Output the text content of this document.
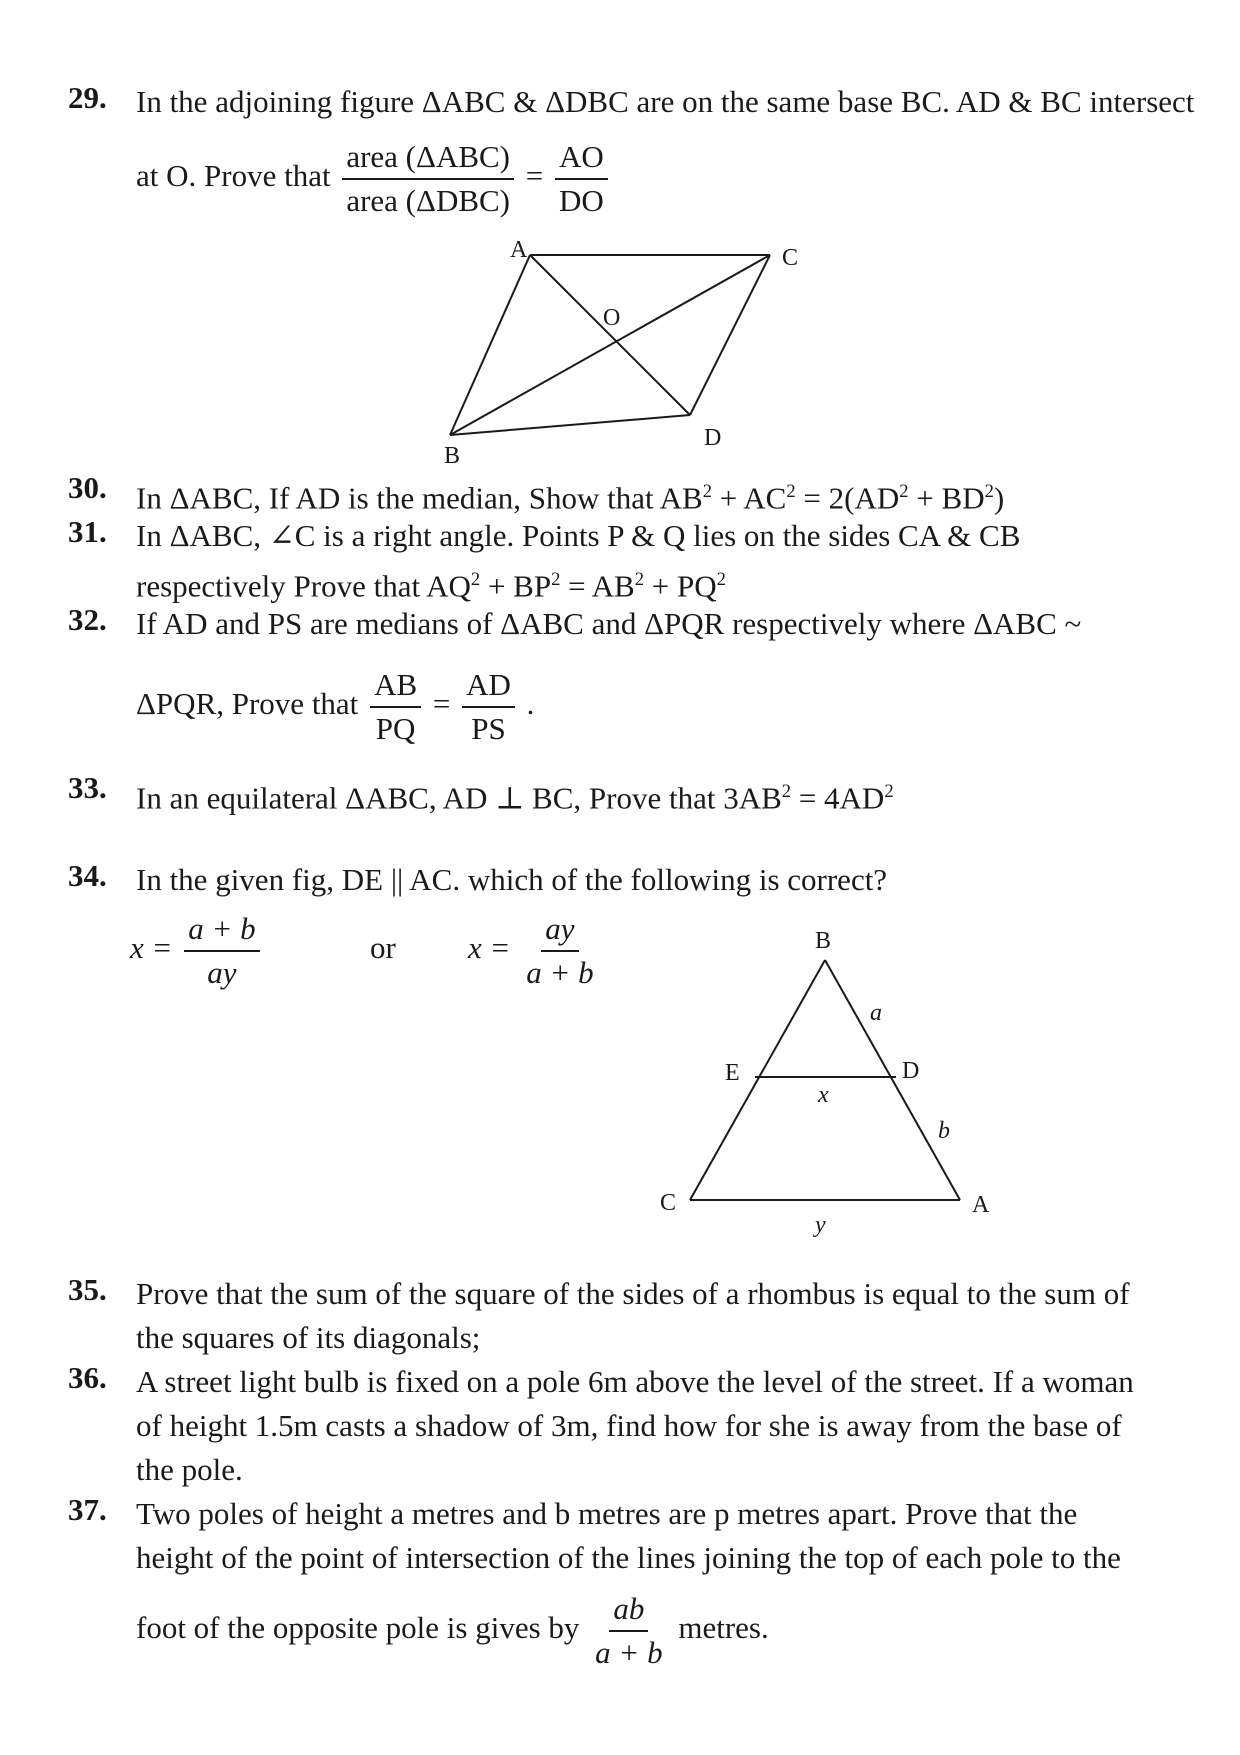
29. In the adjoining figure ΔABC & ΔDBC are on the same base BC. AD & BC intersect
at O. Prove that $\frac{\text{area (ΔABC)}}{\text{area (ΔDBC)}} = \frac{AO}{DO}$
A	C
O
B
D
30. In ΔABC, If AD is the median, Show that $AB^2 + AC^2 = 2(AD^2 + BD^2)$
31. In ΔABC, ∠C is a right angle. Points P & Q lies on the sides CA & CB
respectively Prove that $AQ^2 + BP^2 = AB^2 + PQ^2$
32. If AD and PS are medians of ΔABC and ΔPQR respectively where ΔABC ~
ΔPQR, Prove that $\frac{AB}{PQ} = \frac{AD}{PS}$ .
33. In an equilateral ΔABC, AD ⊥ BC, Prove that $3AB^2 = 4AD^2$
34. In the given fig, DE || AC. which of the following is correct?
$x = \frac{a + b}{ay}$	or $x = \frac{ay}{a + b}$	B
a
E	D
x
b
C	A
y
35. Prove that the sum of the square of the sides of a rhombus is equal to the sum of
the squares of its diagonals;
36. A street light bulb is fixed on a pole 6m above the level of the street. If a woman
of height 1.5m casts a shadow of 3m, find how for she is away from the base of
the pole.
37. Two poles of height a metres and b metres are p metres apart. Prove that the
height of the point of intersection of the lines joining the top of each pole to the
foot of the opposite pole is gives by $\frac{ab}{a + b}$ metres.
